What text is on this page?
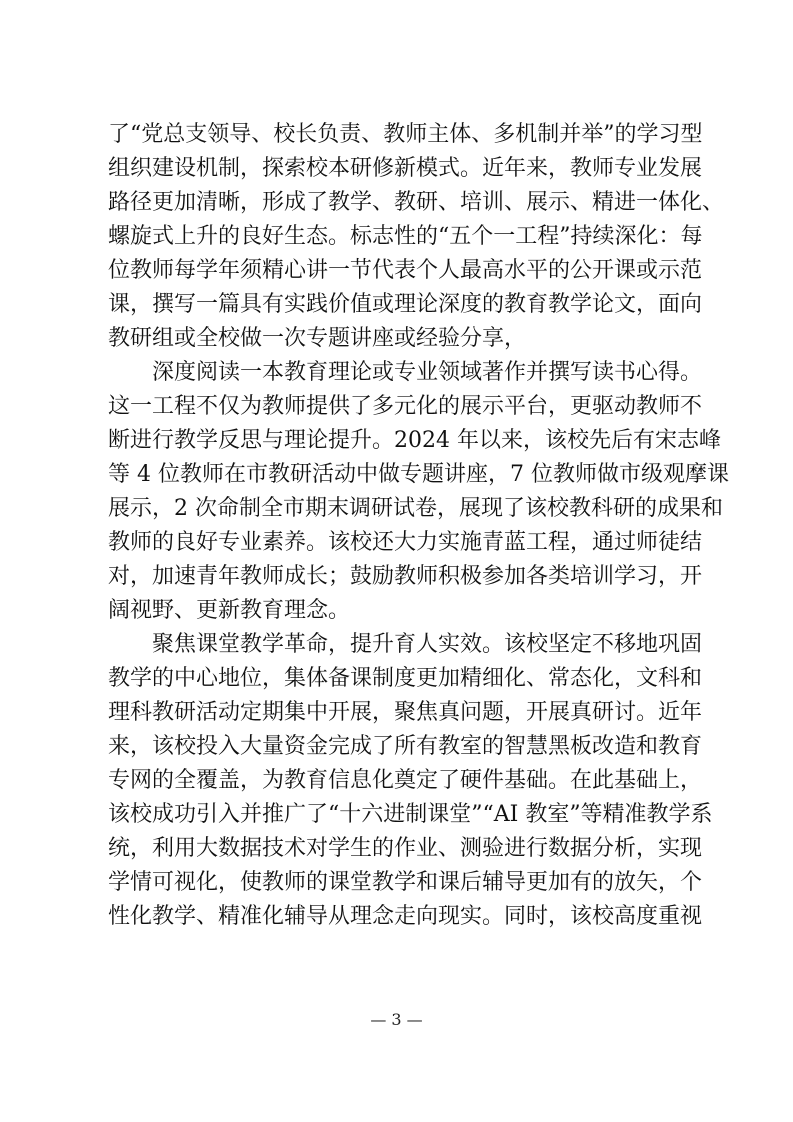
了“党总支领导、校长负责、教师主体、多机制并举”的学习型
组织建设机制，探索校本研修新模式。近年来，教师专业发展
路径更加清晰，形成了教学、教研、培训、展示、精进一体化、
螺旋式上升的良好生态。标志性的“五个一工程”持续深化：每
位教师每学年须精心讲一节代表个人最高水平的公开课或示范
课，撰写一篇具有实践价值或理论深度的教育教学论文，面向
教研组或全校做一次专题讲座或经验分享，
深度阅读一本教育理论或专业领域著作并撰写读书心得。
这一工程不仅为教师提供了多元化的展示平台，更驱动教师不
断进行教学反思与理论提升。2024 年以来，该校先后有宋志峰
等 4 位教师在市教研活动中做专题讲座，7 位教师做市级观摩课
展示，2 次命制全市期末调研试卷，展现了该校教科研的成果和
教师的良好专业素养。该校还大力实施青蓝工程，通过师徒结
对，加速青年教师成长；鼓励教师积极参加各类培训学习，开
阔视野、更新教育理念。
聚焦课堂教学革命，提升育人实效。该校坚定不移地巩固
教学的中心地位，集体备课制度更加精细化、常态化，文科和
理科教研活动定期集中开展，聚焦真问题，开展真研讨。近年
来，该校投入大量资金完成了所有教室的智慧黑板改造和教育
专网的全覆盖，为教育信息化奠定了硬件基础。在此基础上，
该校成功引入并推广了“十六进制课堂”“AI 教室”等精准教学系
统，利用大数据技术对学生的作业、测验进行数据分析，实现
学情可视化，使教师的课堂教学和课后辅导更加有的放矢，个
性化教学、精准化辅导从理念走向现实。同时，该校高度重视
— 3 —
